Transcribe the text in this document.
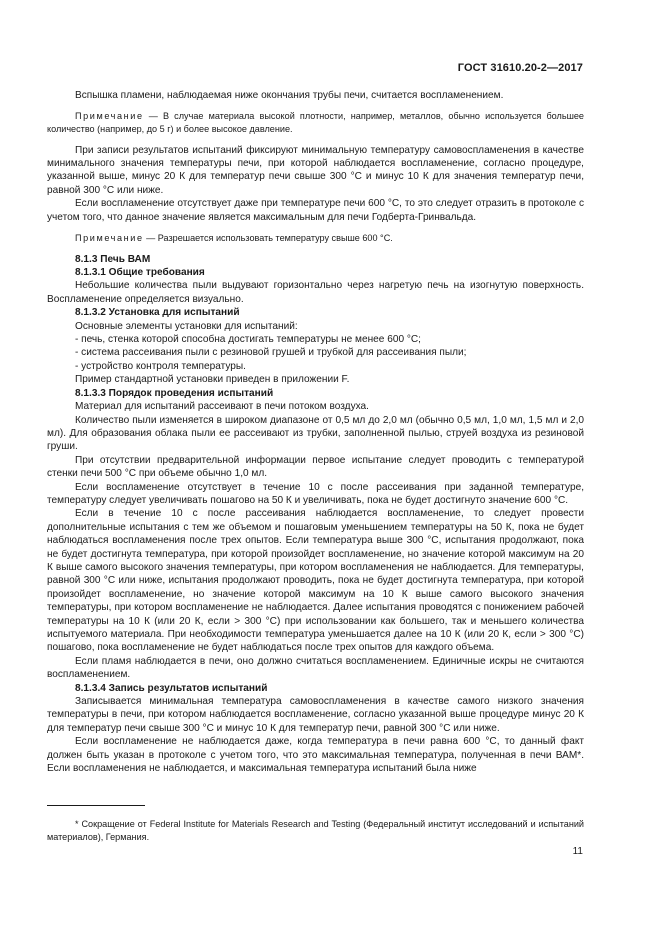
ГОСТ 31610.20-2—2017

Вспышка пламени, наблюдаемая ниже окончания трубы печи, считается воспламенением.

Примечание — В случае материала высокой плотности, например, металлов, обычно используется большее количество (например, до 5 г) и более высокое давление.

При записи результатов испытаний фиксируют минимальную температуру самовоспламенения в качестве минимального значения температуры печи, при которой наблюдается воспламенение, согласно процедуре, указанной выше, минус 20 К для температур печи свыше 300 °C и минус 10 К для значения температур печи, равной 300 °C или ниже.

Если воспламенение отсутствует даже при температуре печи 600 °C, то это следует отразить в протоколе с учетом того, что данное значение является максимальным для печи Годберта-Гринвальда.

Примечание — Разрешается использовать температуру свыше 600 °C.

8.1.3 Печь ВАМ

8.1.3.1 Общие требования

Небольшие количества пыли выдувают горизонтально через нагретую печь на изогнутую поверхность. Воспламенение определяется визуально.

8.1.3.2 Установка для испытаний

Основные элементы установки для испытаний:

- печь, стенка которой способна достигать температуры не менее 600 °C;

- система рассеивания пыли с резиновой грушей и трубкой для рассеивания пыли;

- устройство контроля температуры.

Пример стандартной установки приведен в приложении F.

8.1.3.3 Порядок проведения испытаний

Материал для испытаний рассеивают в печи потоком воздуха.

Количество пыли изменяется в широком диапазоне от 0,5 мл до 2,0 мл (обычно 0,5 мл, 1,0 мл, 1,5 мл и 2,0 мл). Для образования облака пыли ее рассеивают из трубки, заполненной пылью, струей воздуха из резиновой груши.

При отсутствии предварительной информации первое испытание следует проводить с температурой стенки печи 500 °C при объеме обычно 1,0 мл.

Если воспламенение отсутствует в течение 10 с после рассеивания при заданной температуре, температуру следует увеличивать пошагово на 50 К и увеличивать, пока не будет достигнуто значение 600 °C.

Если в течение 10 с после рассеивания наблюдается воспламенение, то следует провести дополнительные испытания с тем же объемом и пошаговым уменьшением температуры на 50 К, пока не будет наблюдаться воспламенения после трех опытов. Если температура выше 300 °C, испытания продолжают, пока не будет достигнута температура, при которой произойдет воспламенение, но значение которой максимум на 20 К выше самого высокого значения температуры, при котором воспламенения не наблюдается. Для температуры, равной 300 °C или ниже, испытания продолжают проводить, пока не будет достигнута температура, при которой произойдет воспламенение, но значение которой максимум на 10 К выше самого высокого значения температуры, при котором воспламенение не наблюдается. Далее испытания проводятся с понижением рабочей температуры на 10 К (или 20 К, если > 300 °C) при использовании как большего, так и меньшего количества испытуемого материала. При необходимости температура уменьшается далее на 10 К (или 20 К, если > 300 °C) пошагово, пока воспламенение не будет наблюдаться после трех опытов для каждого объема.

Если пламя наблюдается в печи, оно должно считаться воспламенением. Единичные искры не считаются воспламенением.

8.1.3.4 Запись результатов испытаний

Записывается минимальная температура самовоспламенения в качестве самого низкого значения температуры в печи, при котором наблюдается воспламенение, согласно указанной выше процедуре минус 20 К для температур печи свыше 300 °C и минус 10 К для температур печи, равной 300 °C или ниже.

Если воспламенение не наблюдается даже, когда температура в печи равна 600 °C, то данный факт должен быть указан в протоколе с учетом того, что это максимальная температура, полученная в печи ВАМ*. Если воспламенения не наблюдается, и максимальная температура испытаний была ниже

* Сокращение от Federal Institute for Materials Research and Testing (Федеральный институт исследований и испытаний материалов), Германия.

11
